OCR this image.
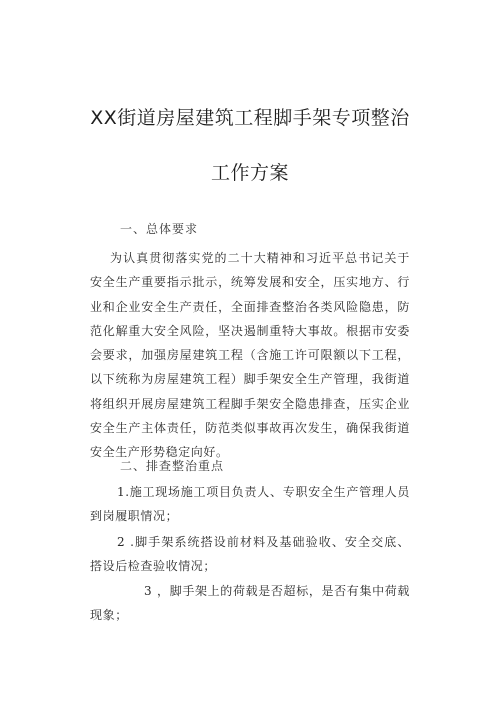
XX街道房屋建筑工程脚手架专项整治
工作方案
一、总体要求
为认真贯彻落实党的二十大精神和习近平总书记关于安全生产重要指示批示，统筹发展和安全，压实地方、行业和企业安全生产责任，全面排查整治各类风险隐患，防范化解重大安全风险，坚决遏制重特大事故。根据市安委会要求，加强房屋建筑工程（含施工许可限额以下工程，以下统称为房屋建筑工程）脚手架安全生产管理，我街道将组织开展房屋建筑工程脚手架安全隐患排查，压实企业安全生产主体责任，防范类似事故再次发生，确保我街道安全生产形势稳定向好。
二、排查整治重点
1.施工现场施工项目负责人、专职安全生产管理人员到岗履职情况；
2 .脚手架系统搭设前材料及基础验收、安全交底、搭设后检查验收情况；
3 ，脚手架上的荷载是否超标，是否有集中荷载现象；
